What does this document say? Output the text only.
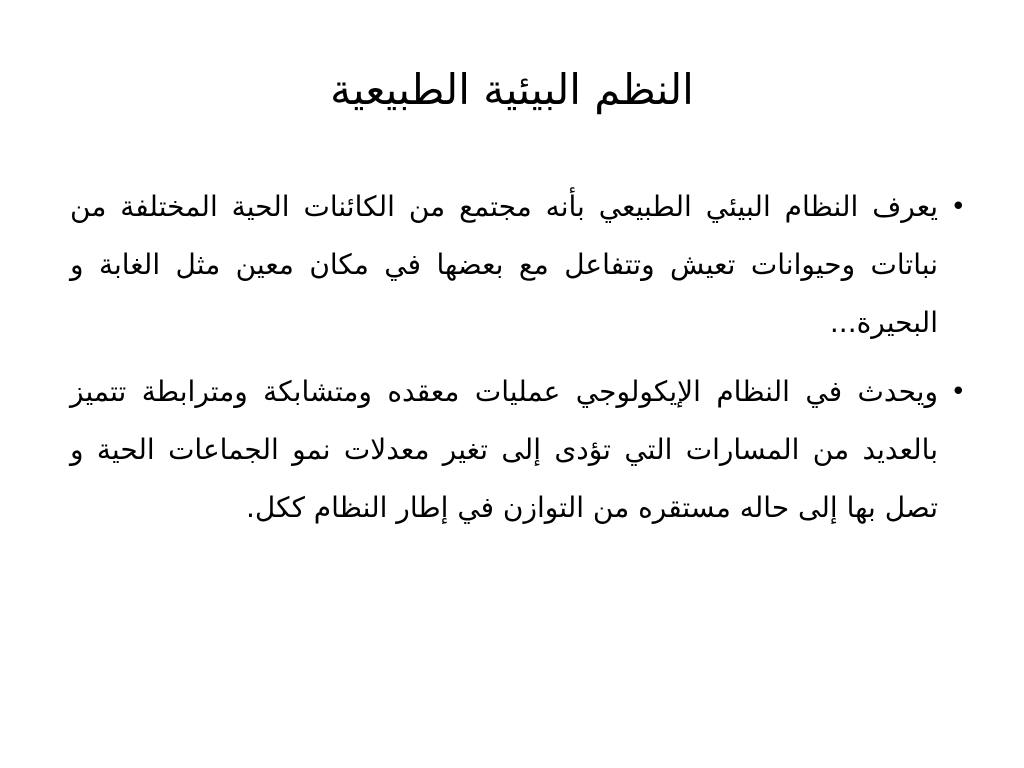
النظم البيئية الطبيعية
•
يعرف النظام البيئي الطبيعي بأنه مجتمع من الكائنات الحية المختلفة من نباتات وحيوانات تعيش وتتفاعل مع بعضها في مكان معين مثل الغابة و البحيرة...
•
ويحدث في النظام الإيكولوجي عمليات معقده ومتشابكة ومترابطة تتميز بالعديد من المسارات التي تؤدى إلى تغير معدلات نمو الجماعات الحية و تصل بها إلى حاله مستقره من التوازن في إطار النظام ككل.
